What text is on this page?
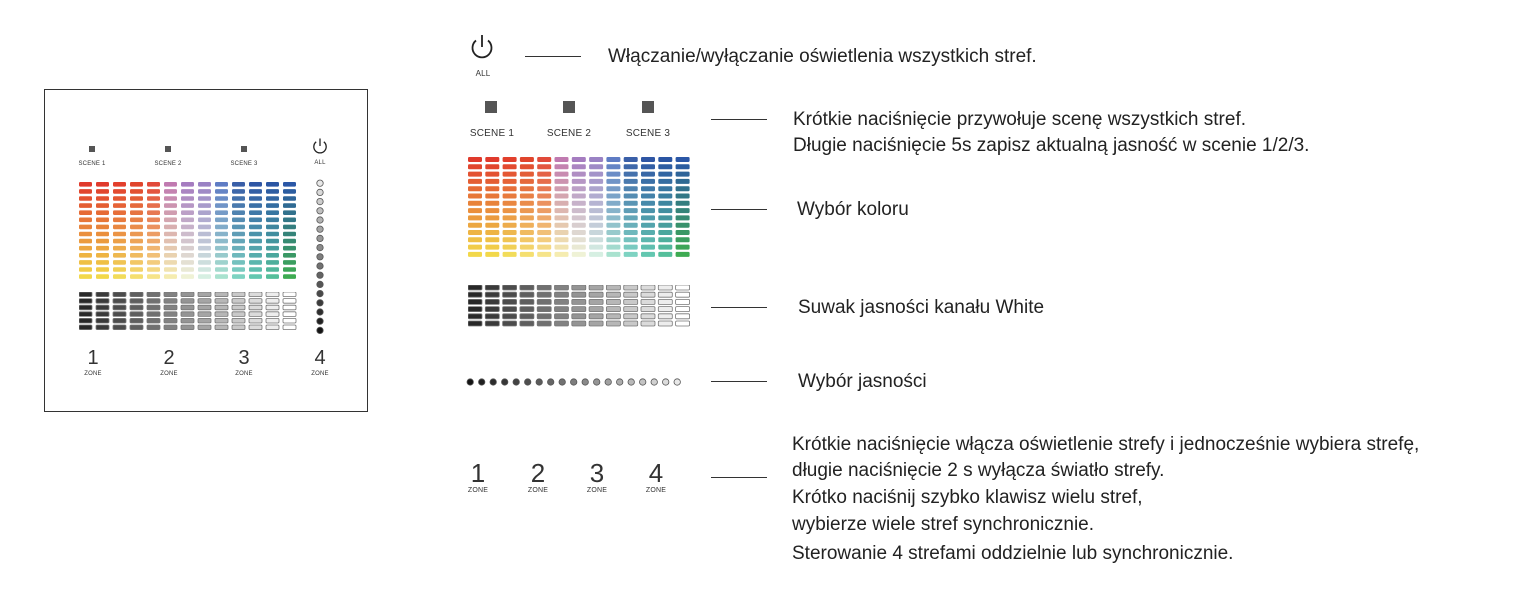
SCENE 1	SCENE 2	SCENE 3	ALL
1
ZONE
2
ZONE
3
ZONE
4
ZONE
ALL
Włączanie/wyłączanie oświetlenia wszystkich stref.
SCENE 1	SCENE 2	SCENE 3
Krótkie naciśnięcie przywołuje scenę wszystkich stref.
Długie naciśnięcie 5s zapisz aktualną jasność w scenie 1/2/3.
Wybór koloru
Suwak jasności kanału White
Wybór jasności
1
ZONE
2
ZONE
3
ZONE
4
ZONE
Krótkie naciśnięcie włącza oświetlenie strefy i jednocześnie wybiera strefę,
długie naciśnięcie 2 s wyłącza światło strefy.
Krótko naciśnij szybko klawisz wielu stref,
wybierze wiele stref synchronicznie.
Sterowanie 4 strefami oddzielnie lub synchronicznie.
